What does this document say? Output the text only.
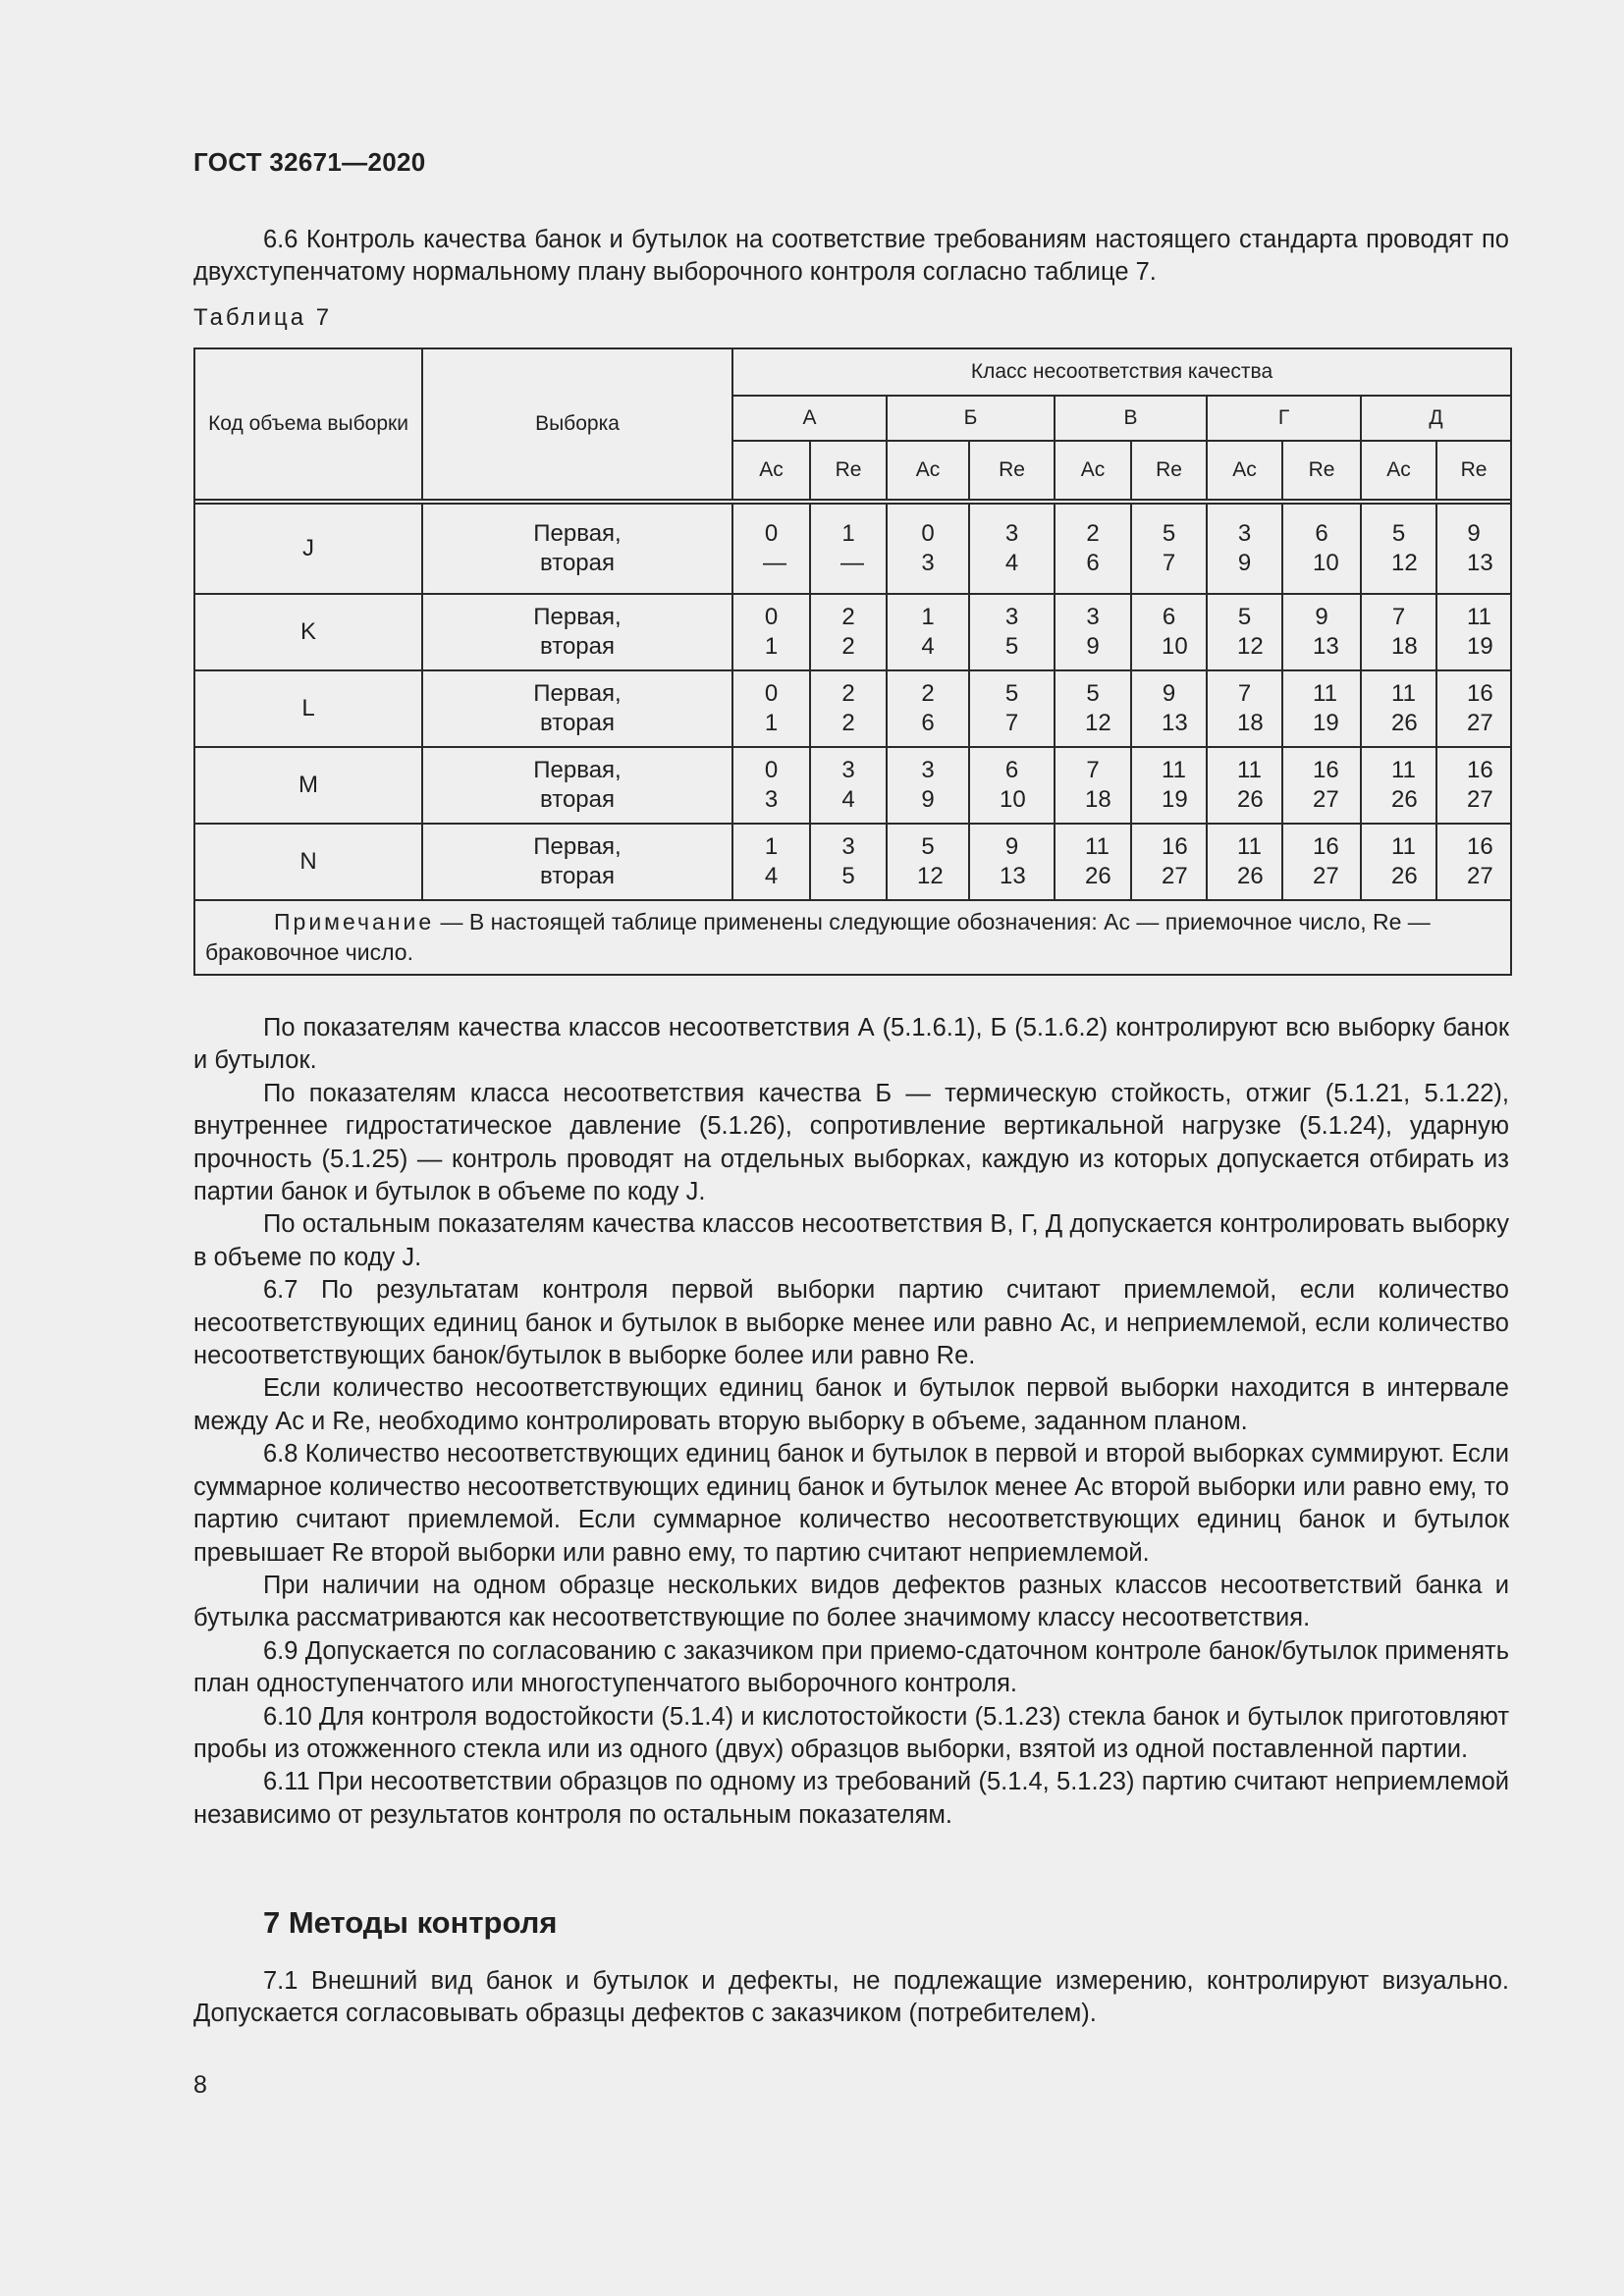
ГОСТ 32671—2020

6.6 Контроль качества банок и бутылок на соответствие требованиям настоящего стандарта проводят по двухступенчатому нормальному плану выборочного контроля согласно таблице 7.

Таблица 7
Код объема выборки	Выборка	Класс несоответствия качества									
		А		Б		В		Г		Д	
		Ac	Re	Ac	Re	Ac	Re	Ac	Re	Ac	Re

J	Первая, вторая	0 —	1 —	0 3	3 4	2 6	5 7	3 9	6 10	5 12	9 13
K	Первая, вторая	0 1	2 2	1 4	3 5	3 9	6 10	5 12	9 13	7 18	11 19
L	Первая, вторая	0 1	2 2	2 6	5 7	5 12	9 13	7 18	11 19	11 26	16 27
M	Первая, вторая	0 3	3 4	3 9	6 10	7 18	11 19	11 26	16 27	11 26	16 27
N	Первая, вторая	1 4	3 5	5 12	9 13	11 26	16 27	11 26	16 27	11 26	16 27
Примечание — В настоящей таблице применены следующие обозначения: Ac — приемочное число, Re — браковочное число.											

По показателям качества классов несоответствия А (5.1.6.1), Б (5.1.6.2) контролируют всю выборку банок и бутылок.

По показателям класса несоответствия качества Б — термическую стойкость, отжиг (5.1.21, 5.1.22), внутреннее гидростатическое давление (5.1.26), сопротивление вертикальной нагрузке (5.1.24), ударную прочность (5.1.25) — контроль проводят на отдельных выборках, каждую из которых допускается отбирать из партии банок и бутылок в объеме по коду J.

По остальным показателям качества классов несоответствия В, Г, Д допускается контролировать выборку в объеме по коду J.

6.7 По результатам контроля первой выборки партию считают приемлемой, если количество несоответствующих единиц банок и бутылок в выборке менее или равно Ac, и неприемлемой, если количество несоответствующих банок/бутылок в выборке более или равно Re.

Если количество несоответствующих единиц банок и бутылок первой выборки находится в интервале между Ac и Re, необходимо контролировать вторую выборку в объеме, заданном планом.

6.8 Количество несоответствующих единиц банок и бутылок в первой и второй выборках суммируют. Если суммарное количество несоответствующих единиц банок и бутылок менее Ac второй выборки или равно ему, то партию считают приемлемой. Если суммарное количество несоответствующих единиц банок и бутылок превышает Re второй выборки или равно ему, то партию считают неприемлемой.

При наличии на одном образце нескольких видов дефектов разных классов несоответствий банка и бутылка рассматриваются как несоответствующие по более значимому классу несоответствия.

6.9 Допускается по согласованию с заказчиком при приемо-сдаточном контроле банок/бутылок применять план одноступенчатого или многоступенчатого выборочного контроля.

6.10 Для контроля водостойкости (5.1.4) и кислотостойкости (5.1.23) стекла банок и бутылок приготовляют пробы из отожженного стекла или из одного (двух) образцов выборки, взятой из одной поставленной партии.

6.11 При несоответствии образцов по одному из требований (5.1.4, 5.1.23) партию считают неприемлемой независимо от результатов контроля по остальным показателям.

7 Методы контроля

7.1 Внешний вид банок и бутылок и дефекты, не подлежащие измерению, контролируют визуально. Допускается согласовывать образцы дефектов с заказчиком (потребителем).

8
